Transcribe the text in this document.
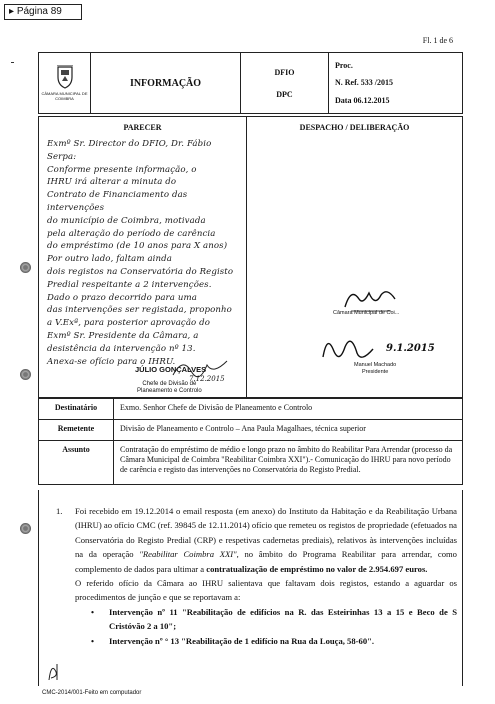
▸ Página 89
Fl. 1 de 6
CÂMARA MUNICIPAL DE COIMBRA
INFORMAÇÃO
DFIO
DPC
Proc.
N. Ref. 533 /2015
Data 06.12.2015
PARECER
Exmº Sr. Director do DFIO, Dr. Fábio Serpa:
Conforme presente informação, o
IHRU irá alterar a minuta do
Contrato de Financiamento das intervenções
do município de Coimbra, motivada
pela alteração do período de carência
do empréstimo (de 10 anos para X anos)
Por outro lado, faltam ainda
dois registos na Conservatória do Registo
Predial respeitante a 2 intervenções.
Dado o prazo decorrido para uma
das intervenções ser registada, proponho
a V.Exª, para posterior aprovação do
Exmº Sr. Presidente da Câmara, a
desistência da intervenção nº 13.
Anexa-se ofício para o IHRU.
JÚLIO GONÇALVES
Chefe de Divisão de
Planeamento e Controlo
7.12.2015
DESPACHO / DELIBERAÇÃO
Câmara Municipal de Coi...
9.1.2015
Manuel Machado
Presidente
Destinatário	Exmo. Senhor Chefe de Divisão de Planeamento e Controlo
Remetente	Divisão de Planeamento e Controlo – Ana Paula Magalhaes, técnica superior
Assunto	Contratação do empréstimo de médio e longo prazo no âmbito do Reabilitar Para Arrendar (processo da Câmara Municipal de Coimbra "Reabilitar Coimbra XXI").- Comunicação do IHRU para novo período de carência e registo das intervenções no Conservatória do Registo Predial.
1.	Foi recebido em 19.12.2014 o email resposta (em anexo) do Instituto da Habitação e da Reabilitação Urbana (IHRU) ao ofício CMC (ref. 39845 de 12.11.2014) ofício que remeteu os registos de propriedade (efetuados na Conservatória do Registo Predial (CRP) e respetivas cadernetas prediais), relativos às intervenções incluídas na da operação "Reabilitar Coimbra XXI", no âmbito do Programa Reabilitar para arrendar, como complemento de dados para ultimar a contratualização de empréstimo no valor de 2.954.697 euros.
O referido ofício da Câmara ao IHRU salientava que faltavam dois registos, estando a aguardar os procedimentos de junção e que se reportavam a:
• Intervenção nº 11 "Reabilitação de edifícios na R. das Esteirinhas 13 a 15 e Beco de S Cristóvão 2 a 10";
• Intervenção nº ° 13 "Reabilitação de 1 edifício na Rua da Louça, 58-60".
CMC-2014/001-Feito em computador
